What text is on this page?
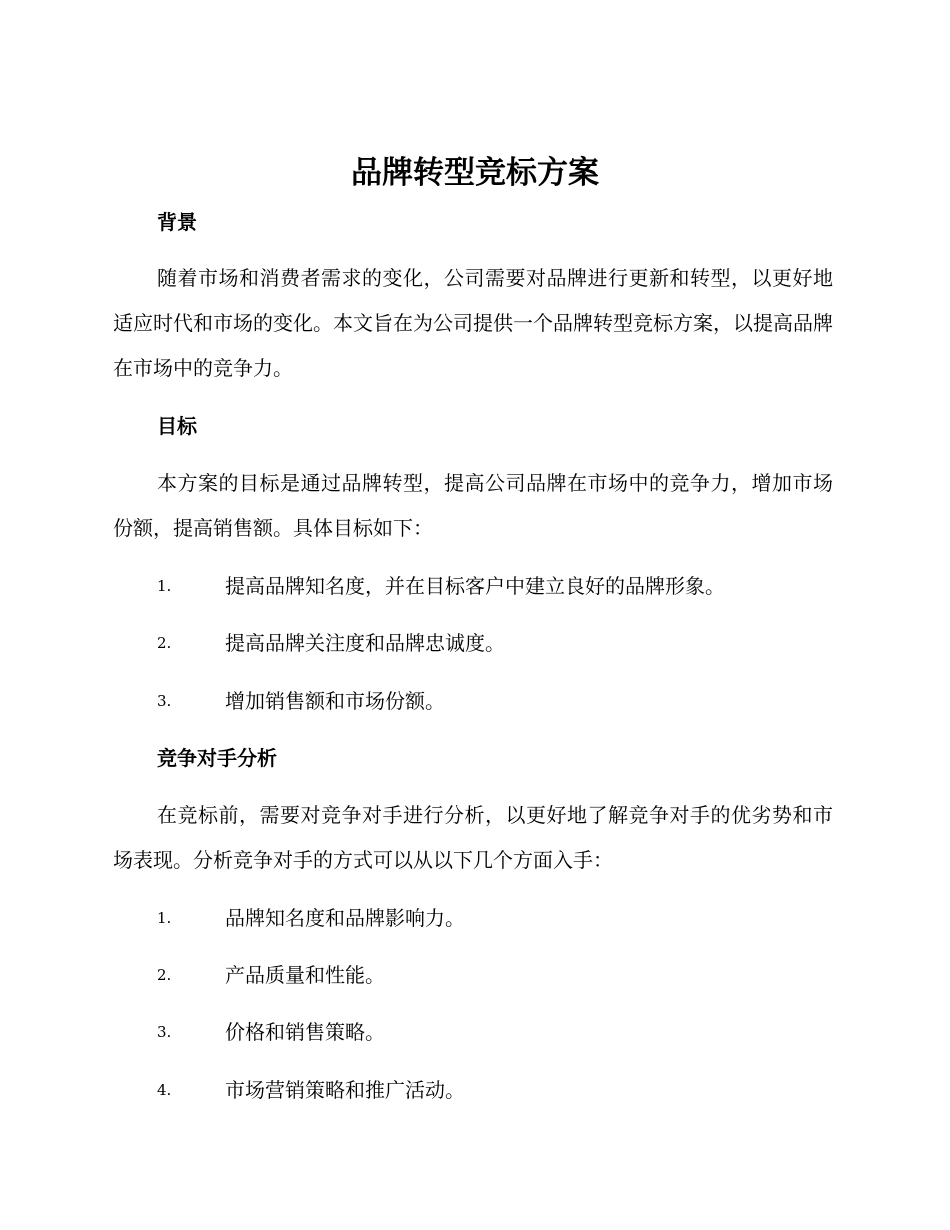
品牌转型竞标方案
背景
随着市场和消费者需求的变化，公司需要对品牌进行更新和转型，以更好地适应时代和市场的变化。本文旨在为公司提供一个品牌转型竞标方案，以提高品牌在市场中的竞争力。
目标
本方案的目标是通过品牌转型，提高公司品牌在市场中的竞争力，增加市场份额，提高销售额。具体目标如下：
1.	提高品牌知名度，并在目标客户中建立良好的品牌形象。
2.	提高品牌关注度和品牌忠诚度。
3.	增加销售额和市场份额。
竞争对手分析
在竞标前，需要对竞争对手进行分析，以更好地了解竞争对手的优劣势和市场表现。分析竞争对手的方式可以从以下几个方面入手：
1.	品牌知名度和品牌影响力。
2.	产品质量和性能。
3.	价格和销售策略。
4.	市场营销策略和推广活动。
